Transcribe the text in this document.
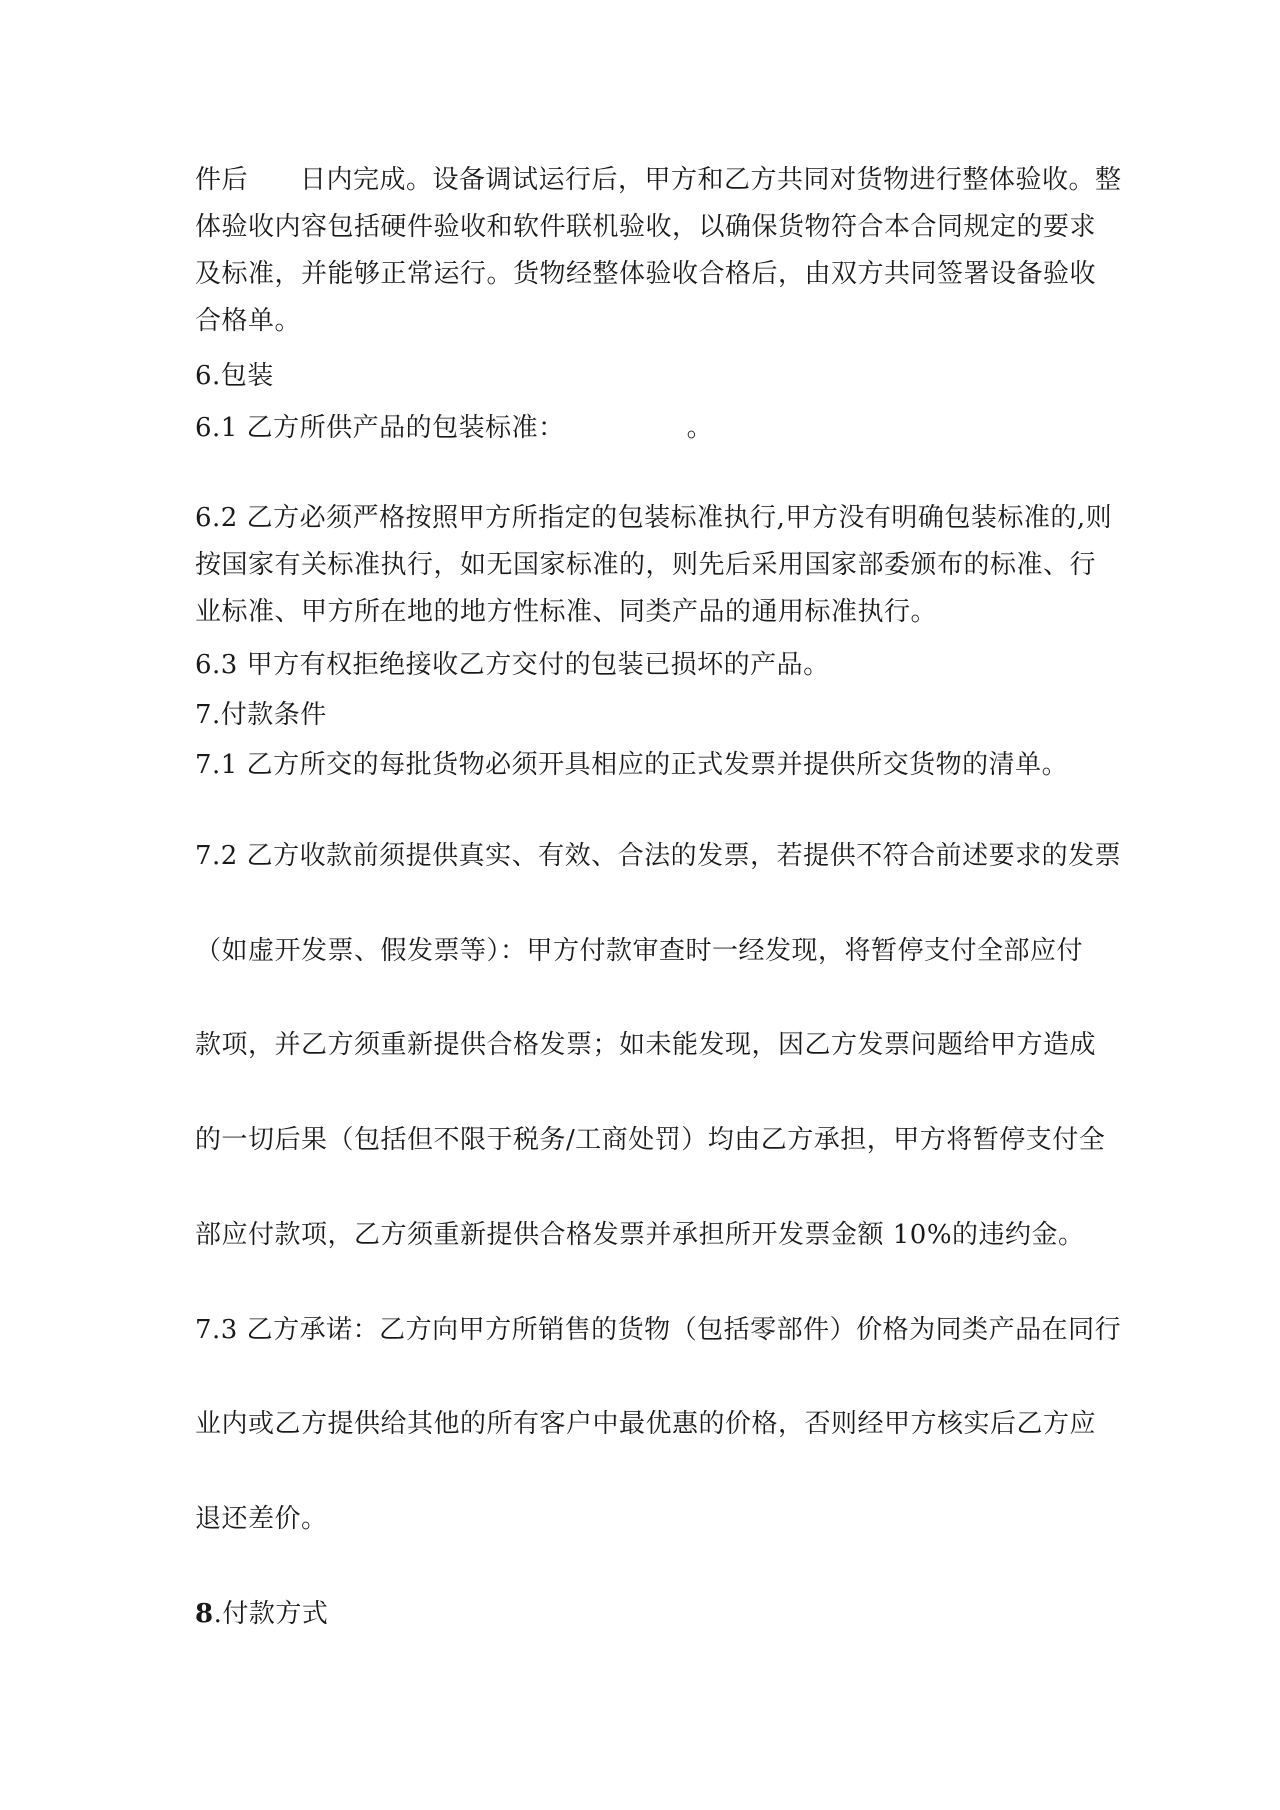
件后 日内完成。设备调试运行后，甲方和乙方共同对货物进行整体验收。整
体验收内容包括硬件验收和软件联机验收，以确保货物符合本合同规定的要求
及标准，并能够正常运行。货物经整体验收合格后，由双方共同签署设备验收
合格单。
6.包装
6.1 乙方所供产品的包装标准：	。
6.2 乙方必须严格按照甲方所指定的包装标准执行,甲方没有明确包装标准的,则
按国家有关标准执行，如无国家标准的，则先后采用国家部委颁布的标准、行
业标准、甲方所在地的地方性标准、同类产品的通用标准执行。
6.3 甲方有权拒绝接收乙方交付的包装已损坏的产品。
7.付款条件
7.1 乙方所交的每批货物必须开具相应的正式发票并提供所交货物的清单。
7.2 乙方收款前须提供真实、有效、合法的发票，若提供不符合前述要求的发票
（如虚开发票、假发票等）：甲方付款审查时一经发现，将暂停支付全部应付
款项，并乙方须重新提供合格发票；如未能发现，因乙方发票问题给甲方造成
的一切后果（包括但不限于税务/工商处罚）均由乙方承担，甲方将暂停支付全
部应付款项，乙方须重新提供合格发票并承担所开发票金额 10%的违约金。
7.3 乙方承诺：乙方向甲方所销售的货物（包括零部件）价格为同类产品在同行
业内或乙方提供给其他的所有客户中最优惠的价格，否则经甲方核实后乙方应
退还差价。
8.付款方式
